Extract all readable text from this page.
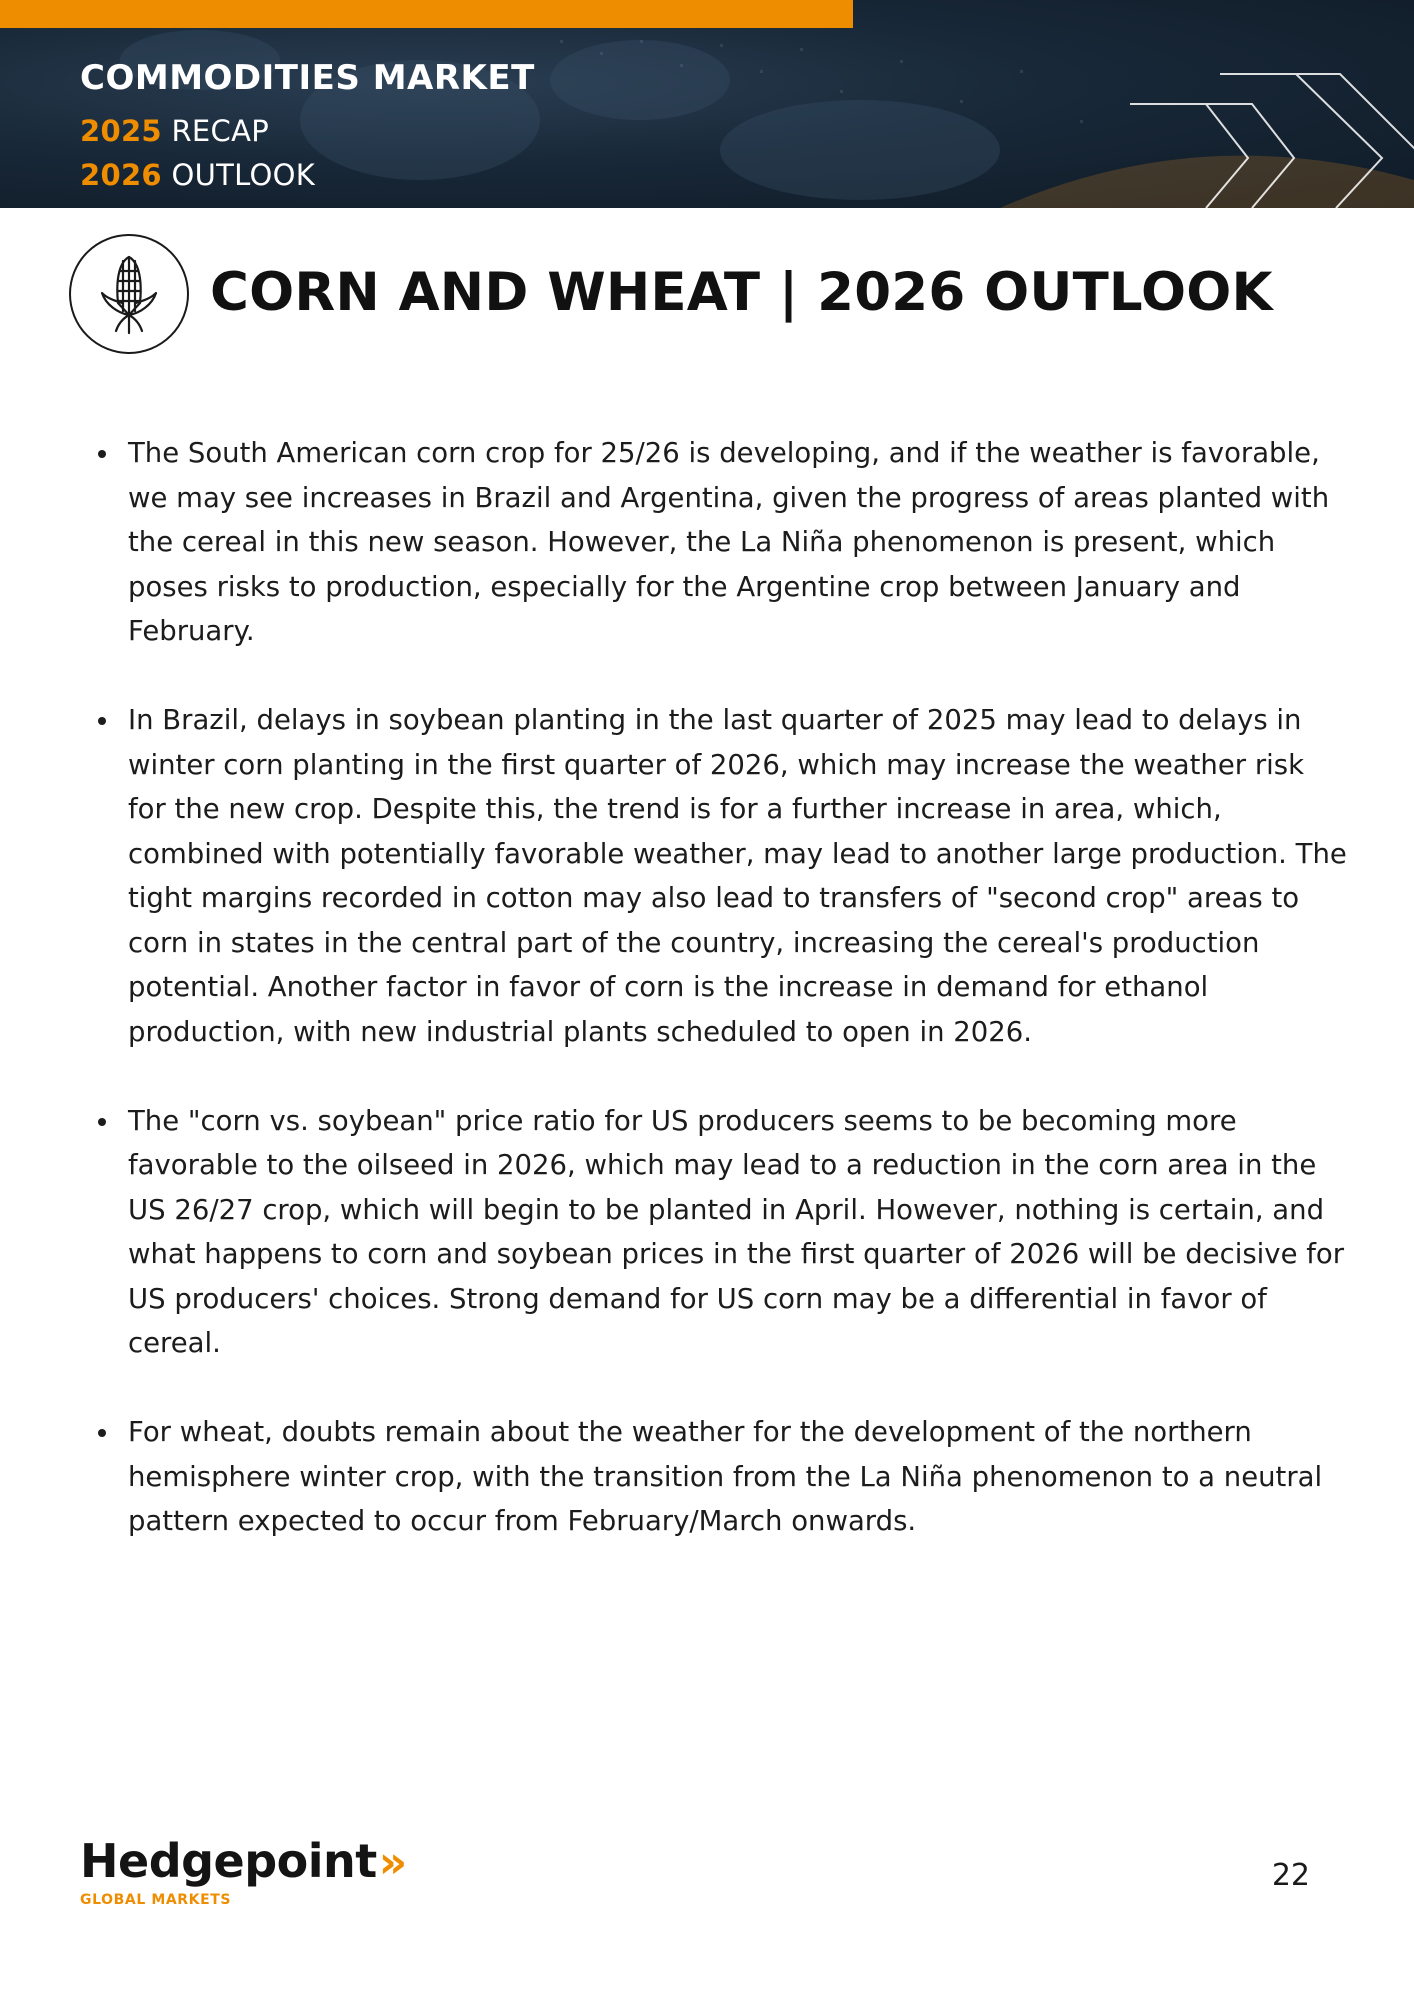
COMMODITIES MARKET
2025 RECAP
2026 OUTLOOK
CORN AND WHEAT | 2026 OUTLOOK
The South American corn crop for 25/26 is developing, and if the weather is favorable, we may see increases in Brazil and Argentina, given the progress of areas planted with the cereal in this new season. However, the La Niña phenomenon is present, which poses risks to production, especially for the Argentine crop between January and February.
In Brazil, delays in soybean planting in the last quarter of 2025 may lead to delays in winter corn planting in the first quarter of 2026, which may increase the weather risk for the new crop. Despite this, the trend is for a further increase in area, which, combined with potentially favorable weather, may lead to another large production. The tight margins recorded in cotton may also lead to transfers of "second crop" areas to corn in states in the central part of the country, increasing the cereal's production potential. Another factor in favor of corn is the increase in demand for ethanol production, with new industrial plants scheduled to open in 2026.
The "corn vs. soybean" price ratio for US producers seems to be becoming more favorable to the oilseed in 2026, which may lead to a reduction in the corn area in the US 26/27 crop, which will begin to be planted in April. However, nothing is certain, and what happens to corn and soybean prices in the first quarter of 2026 will be decisive for US producers' choices. Strong demand for US corn may be a differential in favor of cereal.
For wheat, doubts remain about the weather for the development of the northern hemisphere winter crop, with the transition from the La Niña phenomenon to a neutral pattern expected to occur from February/March onwards.
Hedgepoint»
GLOBAL MARKETS
22
